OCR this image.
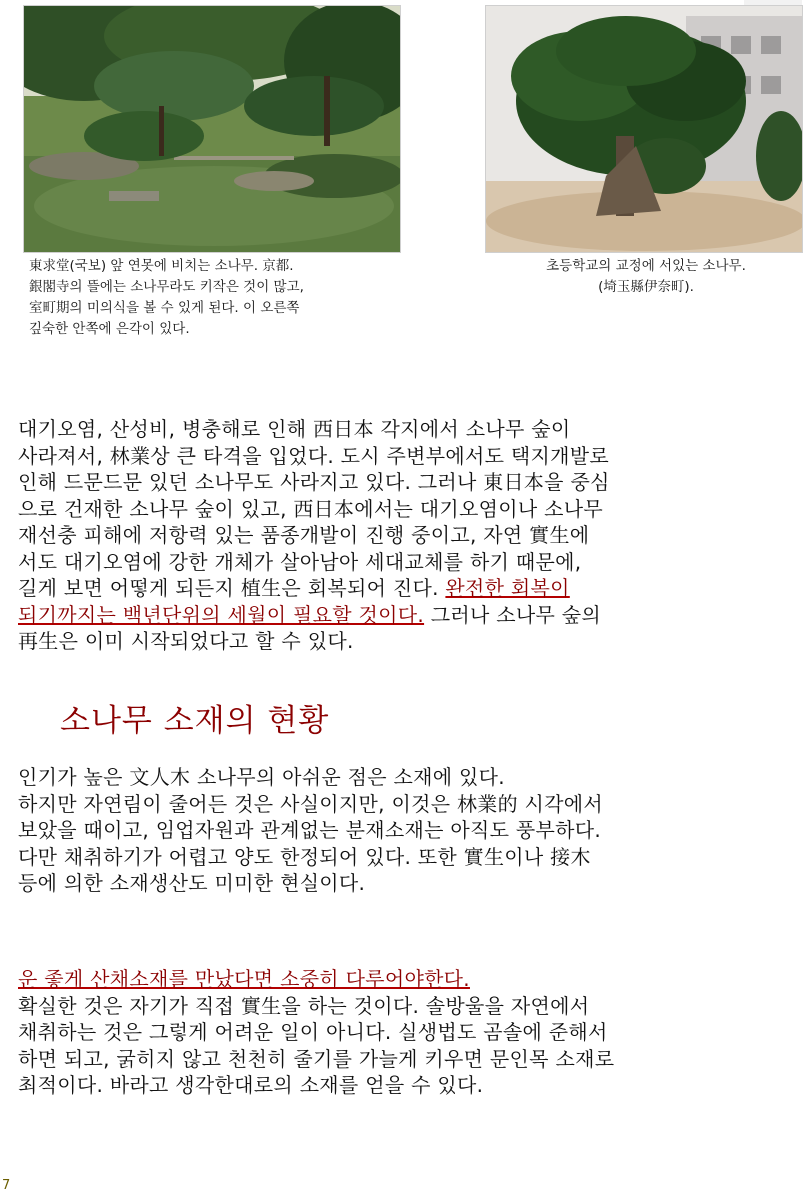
東求堂(국보) 앞 연못에 비치는 소나무. 京都.
銀閣寺의 뜰에는 소나무라도 키작은 것이 많고,
室町期의 미의식을 볼 수 있게 된다. 이 오른쪽
깊숙한 안쪽에 은각이 있다.
초등학교의 교정에 서있는 소나무.
(埼玉縣伊奈町).
대기오염, 산성비, 병충해로 인해 西日本 각지에서 소나무 숲이
사라져서, 林業상 큰 타격을 입었다. 도시 주변부에서도 택지개발로
인해 드문드문 있던 소나무도 사라지고 있다. 그러나 東日本을 중심
으로 건재한 소나무 숲이 있고, 西日本에서는 대기오염이나 소나무
재선충 피해에 저항력 있는 품종개발이 진행 중이고, 자연 實生에
서도 대기오염에 강한 개체가 살아남아 세대교체를 하기 때문에,
길게 보면 어떻게 되든지 植生은 회복되어 진다. 완전한 회복이
되기까지는 백년단위의 세월이 필요할 것이다. 그러나 소나무 숲의
再生은 이미 시작되었다고 할 수 있다.
소나무 소재의 현황
인기가 높은 文人木 소나무의 아쉬운 점은 소재에 있다.
하지만 자연림이 줄어든 것은 사실이지만, 이것은 林業的 시각에서
보았을 때이고, 임업자원과 관계없는 분재소재는 아직도 풍부하다.
다만 채취하기가 어렵고 양도 한정되어 있다. 또한 實生이나 接木
등에 의한 소재생산도 미미한 현실이다.
운 좋게 산채소재를 만났다면 소중히 다루어야한다.
확실한 것은 자기가 직접 實生을 하는 것이다. 솔방울을 자연에서
채취하는 것은 그렇게 어려운 일이 아니다. 실생법도 곰솔에 준해서
하면 되고, 굵히지 않고 천천히 줄기를 가늘게 키우면 문인목 소재로
최적이다. 바라고 생각한대로의 소재를 얻을 수 있다.
7
